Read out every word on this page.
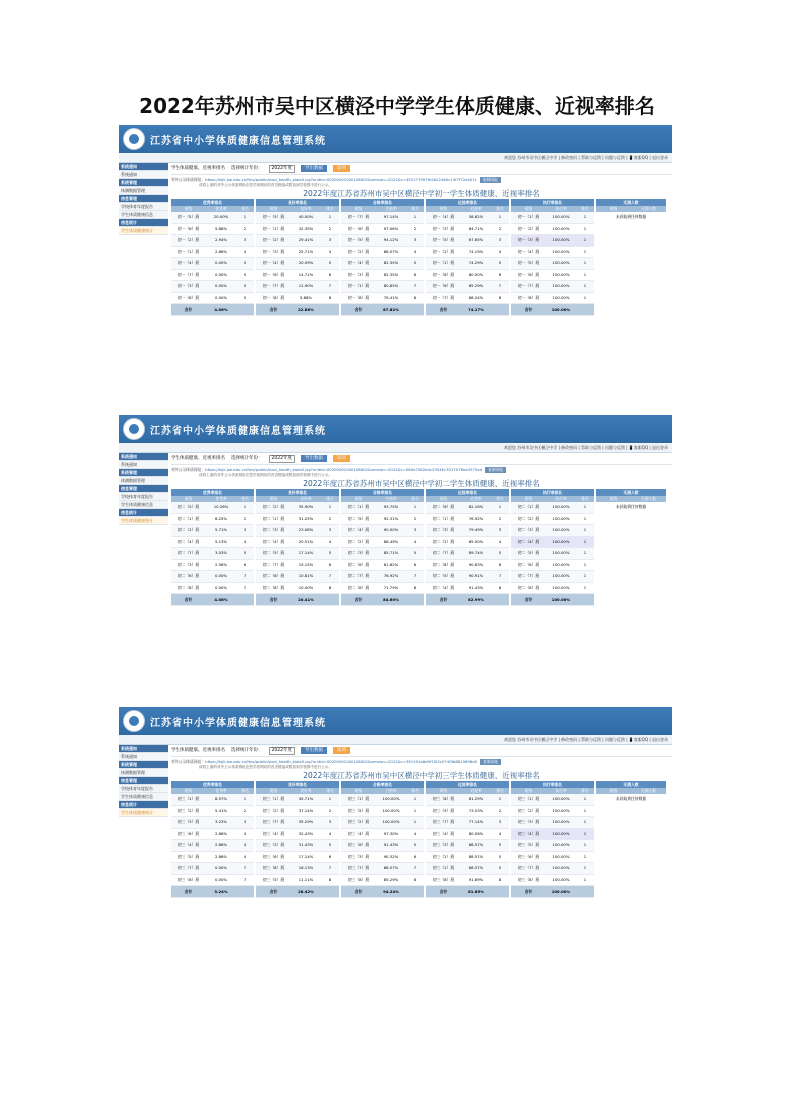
2022年苏州市吴中区横泾中学学生体质健康、近视率排名
江苏省中小学体质健康信息管理系统
欢迎您 苏州市吴中区横泾中学 | 修改密码 | 帮助与反馈 | 问题与反馈 | 📱客服QQ | 退出登录
系统通知
系统通知
系统管理
体测数据管理
信息管理
学校体育年度报告
学生体质健康信息
信息统计
学生体质健康统计
学生体质健康、近视率排名 选择统计年份： 2022年度	导出数据	返回
对外公示体质网址：https://tzjk.jse.edu.cn/fms/public/stud_health_stats5.jsp?unitid=00200001000106002&version=2022&c=452177997fe2b22460c14f7f72e407c 复制网址
请将上面的对外公示体质网址在您学校网站的首页链接或附加到学校群中进行公示。
2022年度江苏省苏州市吴中区横泾中学初一学生体质健康、近视率排名
优秀率排名
班级	优秀率	排名
初一（5）班	20.00%	1
初一（6）班	5.88%	2
初一（2）班	2.94%	3
初一（1）班	2.86%	4
初一（4）班	0.00%	5
初一（7）班	0.00%	5
初一（3）班	0.00%	5
初一（8）班	0.00%	5
合计	4.06%
良好率排名
班级	良好率	排名
初一（5）班	40.00%	1
初一（1）班	32.35%	2
初一（2）班	29.41%	3
初一（3）班	25.71%	4
初一（4）班	20.59%	5
初一（6）班	14.71%	6
初一（7）班	12.90%	7
初一（8）班	5.88%	8
合计	22.88%
合格率排名
班级	合格率	排名
初一（7）班	97.14%	1
初一（6）班	97.06%	2
初一（5）班	94.12%	3
初一（2）班	88.57%	4
初一（4）班	82.35%	5
初一（3）班	82.35%	6
初一（1）班	80.65%	7
初一（8）班	79.41%	8
合计	87.82%
近视率排名
班级	近视率	排名
初一（4）班	58.82%	1
初一（3）班	64.71%	2
初一（5）班	67.65%	3
初一（2）班	74.19%	4
初一（1）班	74.29%	5
初一（8）班	80.00%	6
初一（6）班	85.29%	7
初一（7）班	88.24%	8
合计	74.17%
执行率排名
班级	执行率	排名
初一（1）班	100.00%	1
初一（2）班	100.00%	1
初一（3）班	100.00%	1
初一（4）班	100.00%	1
初一（5）班	100.00%	1
初一（6）班	100.00%	1
初一（7）班	100.00%	1
初一（8）班	100.00%	1
合计	100.00%
无测人数
班级	无测人数
未获取到任何数据
江苏省中小学体质健康信息管理系统
欢迎您 苏州市吴中区横泾中学 | 修改密码 | 帮助与反馈 | 问题与反馈 | 📱客服QQ | 退出登录
系统通知
系统通知
系统管理
体测数据管理
信息管理
学校体育年度报告
学生体质健康信息
信息统计
学生体质健康统计
学生体质健康、近视率排名 选择统计年份： 2022年度	导出数据	返回
对外公示体质网址：https://tzjk.jse.edu.cn/fms/public/stud_health_stats5.jsp?unitid=00200001000106002&version=2022&c=080e7082e4c2354Ec3517078ee2575ed 复制网址
请将上面的对外公示体质网址在您学校网站的首页链接或附加到学校群中进行公示。
2022年度江苏省苏州市吴中区横泾中学初二学生体质健康、近视率排名
优秀率排名
班级	优秀率	排名
初二（5）班	10.26%	1
初二（1）班	6.25%	2
初二（2）班	5.71%	3
初二（4）班	5.13%	4
初二（7）班	3.03%	5
初二（3）班	2.56%	6
初二（6）班	0.00%	7
初二（8）班	0.00%	7
合计	4.08%
良好率排名
班级	良好率	排名
初二（2）班	35.90%	1
初二（1）班	31.25%	2
初二（3）班	23.08%	3
初二（4）班	20.51%	4
初二（5）班	17.14%	5
初二（7）班	15.15%	6
初二（6）班	10.81%	7
初二（8）班	10.00%	8
合计	20.41%
合格率排名
班级	合格率	排名
初二（1）班	93.75%	1
初二（5）班	92.31%	2
初二（4）班	90.00%	3
初二（2）班	86.49%	4
初二（3）班	85.71%	5
初二（6）班	81.82%	6
初二（7）班	76.92%	7
初二（8）班	71.79%	8
合计	84.60%
近视率排名
班级	近视率	排名
初二（6）班	62.16%	1
初二（1）班	76.92%	2
初二（3）班	79.49%	3
初二（2）班	85.00%	4
初二（7）班	89.74%	5
初二（8）班	90.63%	6
初二（5）班	90.91%	7
初二（4）班	91.43%	8
合计	82.99%
执行率排名
班级	执行率	排名
初二（1）班	100.00%	1
初二（2）班	100.00%	1
初二（3）班	100.00%	1
初二（4）班	100.00%	1
初二（5）班	100.00%	1
初二（6）班	100.00%	1
初二（7）班	100.00%	1
初二（8）班	100.00%	1
合计	100.00%
无测人数
班级	无测人数
未获取到任何数据
江苏省中小学体质健康信息管理系统
欢迎您 苏州市吴中区横泾中学 | 修改密码 | 帮助与反馈 | 问题与反馈 | 📱客服QQ | 退出登录
系统通知
系统通知
系统管理
体测数据管理
信息管理
学校体育年度报告
学生体质健康信息
信息统计
学生体质健康统计
学生体质健康、近视率排名 选择统计年份： 2022年度	导出数据	返回
对外公示体质网址：https://tzjk.jse.edu.cn/fms/public/stud_health_stats5.jsp?unitid=00200001000106002&version=2022&c=391191a8d9f70f2c0740fb8819606d0 复制网址
请将上面的对外公示体质网址在您学校网站的首页链接或附加到学校群中进行公示。
2022年度江苏省苏州市吴中区横泾中学初三学生体质健康、近视率排名
优秀率排名
班级	优秀率	排名
初三（1）班	8.57%	1
初三（2）班	5.41%	2
初三（3）班	3.23%	3
初三（6）班	2.86%	4
初三（4）班	2.86%	4
初三（5）班	2.86%	4
初三（7）班	0.00%	7
初三（8）班	0.00%	7
合计	3.24%
良好率排名
班级	良好率	排名
初三（1）班	45.71%	1
初三（2）班	37.14%	2
初三（7）班	35.29%	3
初三（4）班	32.43%	4
初三（3）班	31.43%	5
初三（6）班	17.14%	6
初三（8）班	16.13%	7
初三（5）班	11.11%	8
合计	28.42%
合格率排名
班级	合格率	排名
初三（1）班	100.00%	1
初三（5）班	100.00%	1
初三（2）班	100.00%	1
初三（4）班	97.30%	4
初三（6）班	91.43%	5
初三（3）班	90.32%	6
初三（7）班	88.57%	7
初三（8）班	85.29%	8
合计	94.24%
近视率排名
班级	近视率	排名
初三（6）班	61.29%	1
初三（5）班	73.53%	2
初三（7）班	77.14%	3
初三（4）班	80.56%	4
初三（3）班	88.57%	5
初三（2）班	88.57%	5
初三（1）班	88.57%	5
初三（8）班	91.89%	8
合计	81.65%
执行率排名
班级	执行率	排名
初三（1）班	100.00%	1
初三（2）班	100.00%	1
初三（3）班	100.00%	1
初三（4）班	100.00%	1
初三（5）班	100.00%	1
初三（6）班	100.00%	1
初三（7）班	100.00%	1
初三（8）班	100.00%	1
合计	100.00%
无测人数
班级	无测人数
未获取到任何数据
